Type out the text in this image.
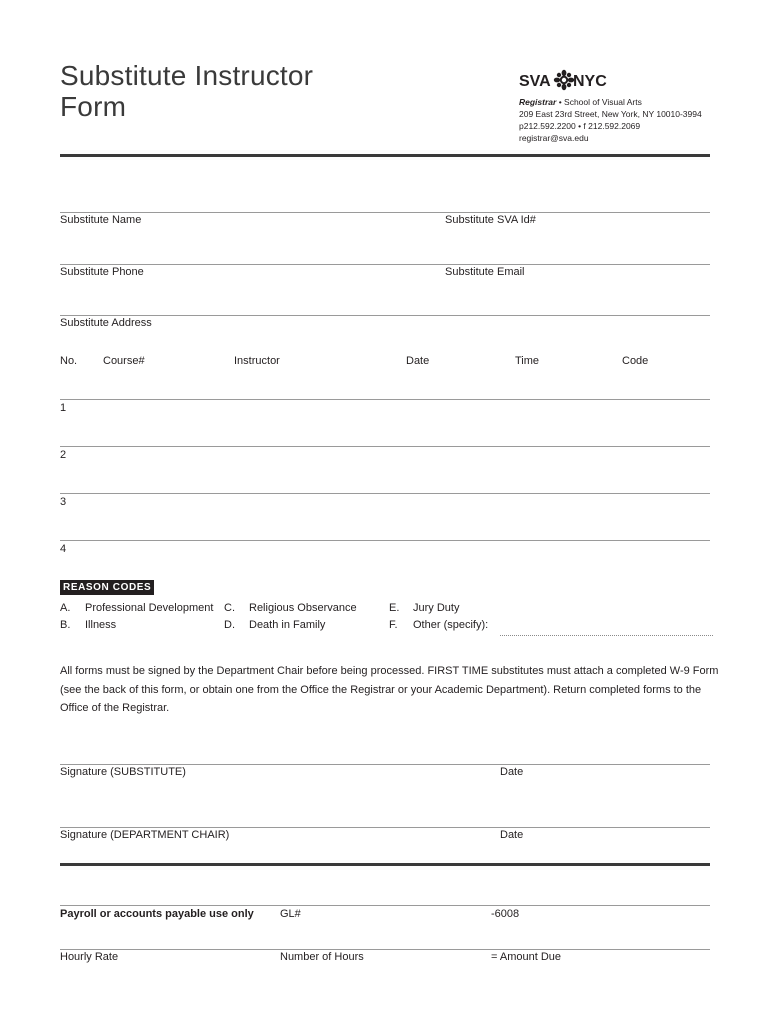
Substitute Instructor
Form
SVA NYC
Registrar • School of Visual Arts
209 East 23rd Street, New York, NY 10010-3994
p212.592.2200 • f 212.592.2069
registrar@sva.edu
Substitute Name	Substitute SVA Id#
Substitute Phone	Substitute Email
Substitute Address
No. Course#	Instructor	Date	Time	Code
1
2
3
4
REASON CODES
A. Professional Development
B. Illness
C. Religious Observance
D. Death in Family
E. Jury Duty
F. Other (specify):
All forms must be signed by the Department Chair before being processed. FIRST TIME substitutes must attach a completed W-9 Form (see the back of this form, or obtain one from the Office the Registrar or your Academic Department). Return completed forms to the Office of the Registrar.
Signature (SUBSTITUTE)	Date
Signature (DEPARTMENT CHAIR)	Date
Payroll or accounts payable use only GL#	-6008
Hourly Rate	Number of Hours	= Amount Due
